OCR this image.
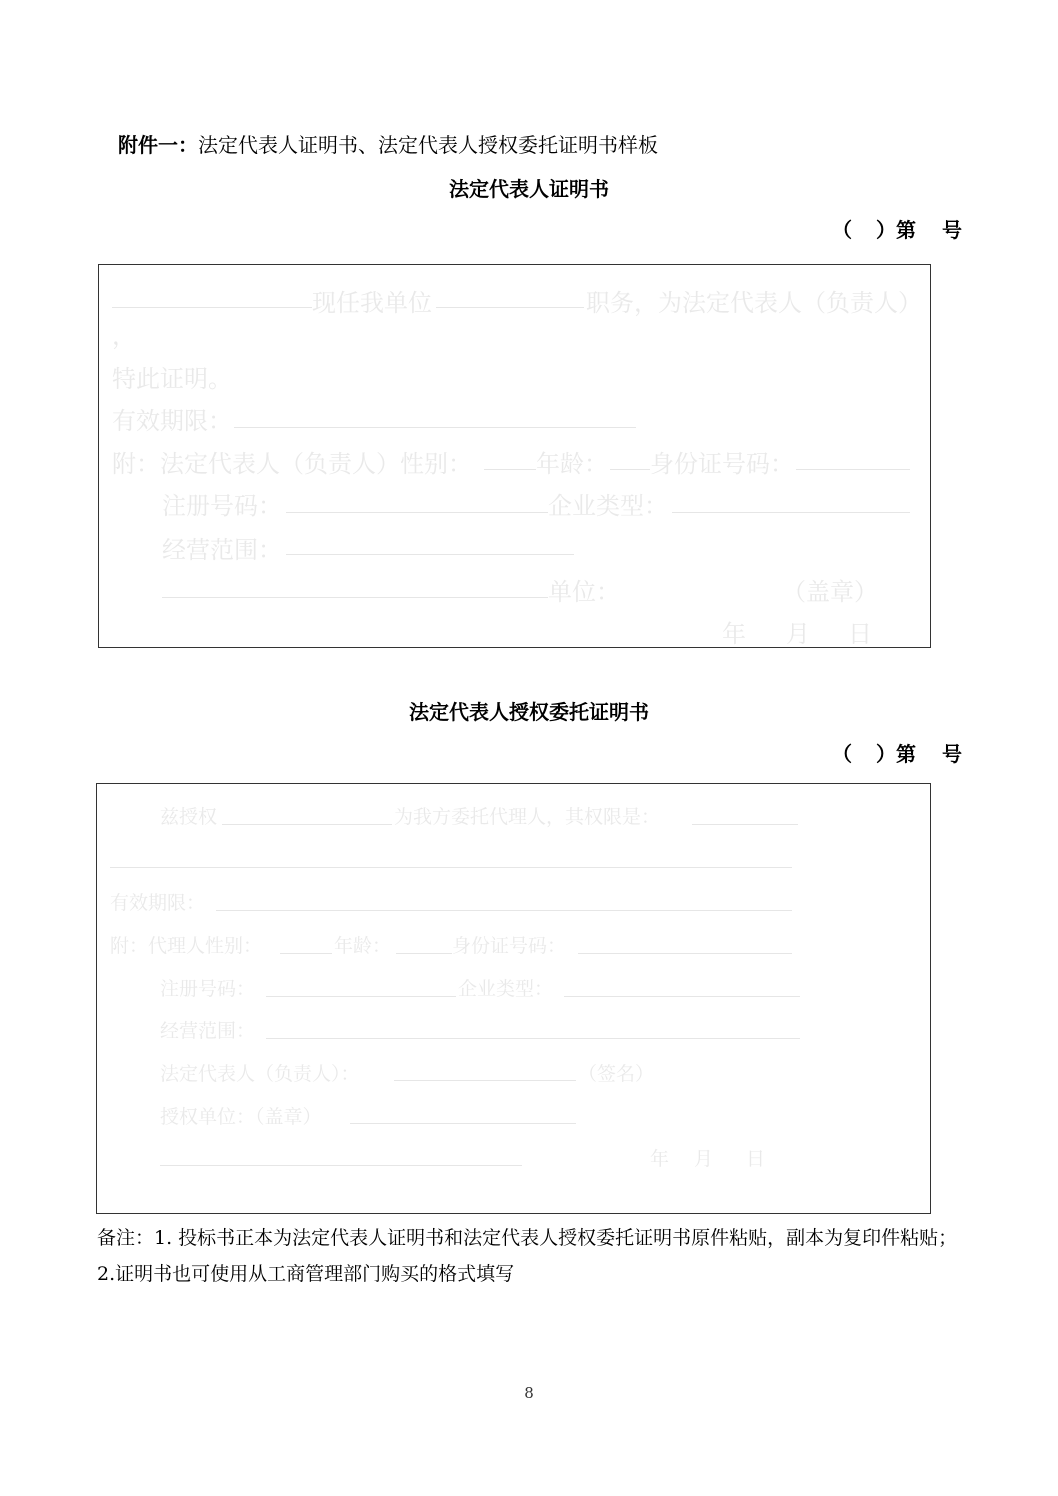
附件一：法定代表人证明书、法定代表人授权委托证明书样板
法定代表人证明书
（ ）第 号
现任我单位	职务，为法定代表人（负责人）
，
特此证明。
有效期限：
附：法定代表人（负责人）性别：	年龄： 身份证号码：
注册号码：	企业类型：
经营范围：
单位：	（盖章）
年 月 日
法定代表人授权委托证明书
（ ）第 号
兹授权	为我方委托代理人，其权限是：
有效期限：
附：代理人性别：	年龄：	身份证号码：
注册号码：	企业类型：
经营范围：
法定代表人（负责人）：	（签名）
授权单位：（盖章）
年 月 日
备注：1. 投标书正本为法定代表人证明书和法定代表人授权委托证明书原件粘贴，副本为复印件粘贴；2.证明书也可使用从工商管理部门购买的格式填写
8
